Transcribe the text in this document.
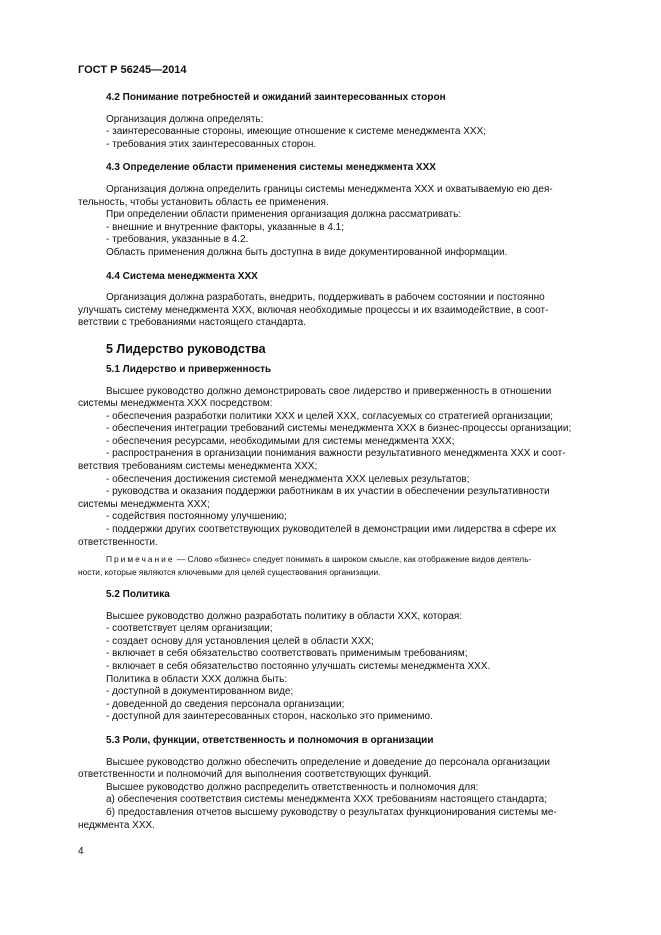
ГОСТ Р 56245—2014

4.2 Понимание потребностей и ожиданий заинтересованных сторон

Организация должна определять:

- заинтересованные стороны, имеющие отношение к системе менеджмента XXX;

- требования этих заинтересованных сторон.

4.3 Определение области применения системы менеджмента XXX

Организация должна определить границы системы менеджмента XXX и охватываемую ею дея-

тельность, чтобы установить область ее применения.

При определении области применения организация должна рассматривать:

- внешние и внутренние факторы, указанные в 4.1;

- требования, указанные в 4.2.

Область применения должна быть доступна в виде документированной информации.

4.4 Система менеджмента XXX

Организация должна разработать, внедрить, поддерживать в рабочем состоянии и постоянно

улучшать систему менеджмента XXX, включая необходимые процессы и их взаимодействие, в соот-

ветствии с требованиями настоящего стандарта.

5 Лидерство руководства

5.1 Лидерство и приверженность

Высшее руководство должно демонстрировать свое лидерство и приверженность в отношении

системы менеджмента XXX посредством:

- обеспечения разработки политики XXX и целей XXX, согласуемых со стратегией организации;

- обеспечения интеграции требований системы менеджмента XXX в бизнес-процессы организации;

- обеспечения ресурсами, необходимыми для системы менеджмента XXX;

- распространения в организации понимания важности результативного менеджмента XXX и соот-

ветствия требованиям системы менеджмента XXX;

- обеспечения достижения системой менеджмента XXX целевых результатов;

- руководства и оказания поддержки работникам в их участии в обеспечении результативности

системы менеджмента XXX;

- содействия постоянному улучшению;

- поддержки других соответствующих руководителей в демонстрации ими лидерства в сфере их

ответственности.

Примечание — Слово «бизнес» следует понимать в широком смысле, как отображение видов деятель-

ности, которые являются ключевыми для целей существования организации.

5.2 Политика

Высшее руководство должно разработать политику в области XXX, которая:

- соответствует целям организации;

- создает основу для установления целей в области XXX;

- включает в себя обязательство соответствовать применимым требованиям;

- включает в себя обязательство постоянно улучшать системы менеджмента XXX.

Политика в области XXX должна быть:

- доступной в документированном виде;

- доведенной до сведения персонала организации;

- доступной для заинтересованных сторон, насколько это применимо.

5.3 Роли, функции, ответственность и полномочия в организации

Высшее руководство должно обеспечить определение и доведение до персонала организации

ответственности и полномочий для выполнения соответствующих функций.

Высшее руководство должно распределить ответственность и полномочия для:

а) обеспечения соответствия системы менеджмента XXX требованиям настоящего стандарта;

б) предоставления отчетов высшему руководству о результатах функционирования системы ме-

неджмента XXX.

4
